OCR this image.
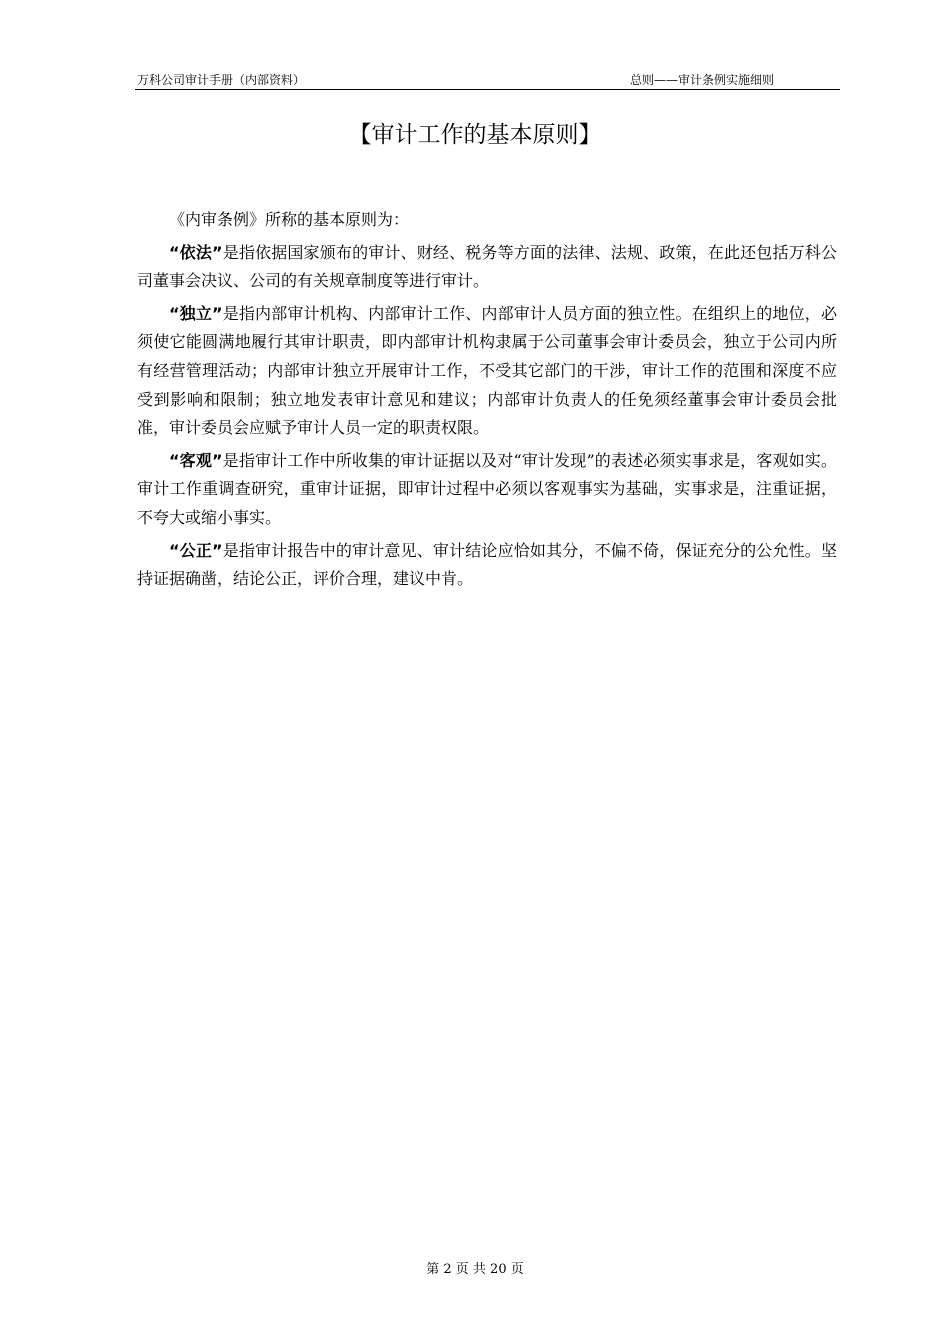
万科公司审计手册（内部资料）	总则——审计条例实施细则
【审计工作的基本原则】

《内审条例》所称的基本原则为：

“依法”是指依据国家颁布的审计、财经、税务等方面的法律、法规、政策，在此还包括万科公司董事会决议、公司的有关规章制度等进行审计。

“独立”是指内部审计机构、内部审计工作、内部审计人员方面的独立性。在组织上的地位，必须使它能圆满地履行其审计职责，即内部审计机构隶属于公司董事会审计委员会，独立于公司内所有经营管理活动；内部审计独立开展审计工作，不受其它部门的干涉，审计工作的范围和深度不应受到影响和限制；独立地发表审计意见和建议；内部审计负责人的任免须经董事会审计委员会批准，审计委员会应赋予审计人员一定的职责权限。

“客观”是指审计工作中所收集的审计证据以及对“审计发现”的表述必须实事求是，客观如实。审计工作重调查研究，重审计证据，即审计过程中必须以客观事实为基础，实事求是，注重证据，不夸大或缩小事实。

“公正”是指审计报告中的审计意见、审计结论应恰如其分，不偏不倚，保证充分的公允性。坚持证据确凿，结论公正，评价合理，建议中肯。

第 2 页 共 20 页
